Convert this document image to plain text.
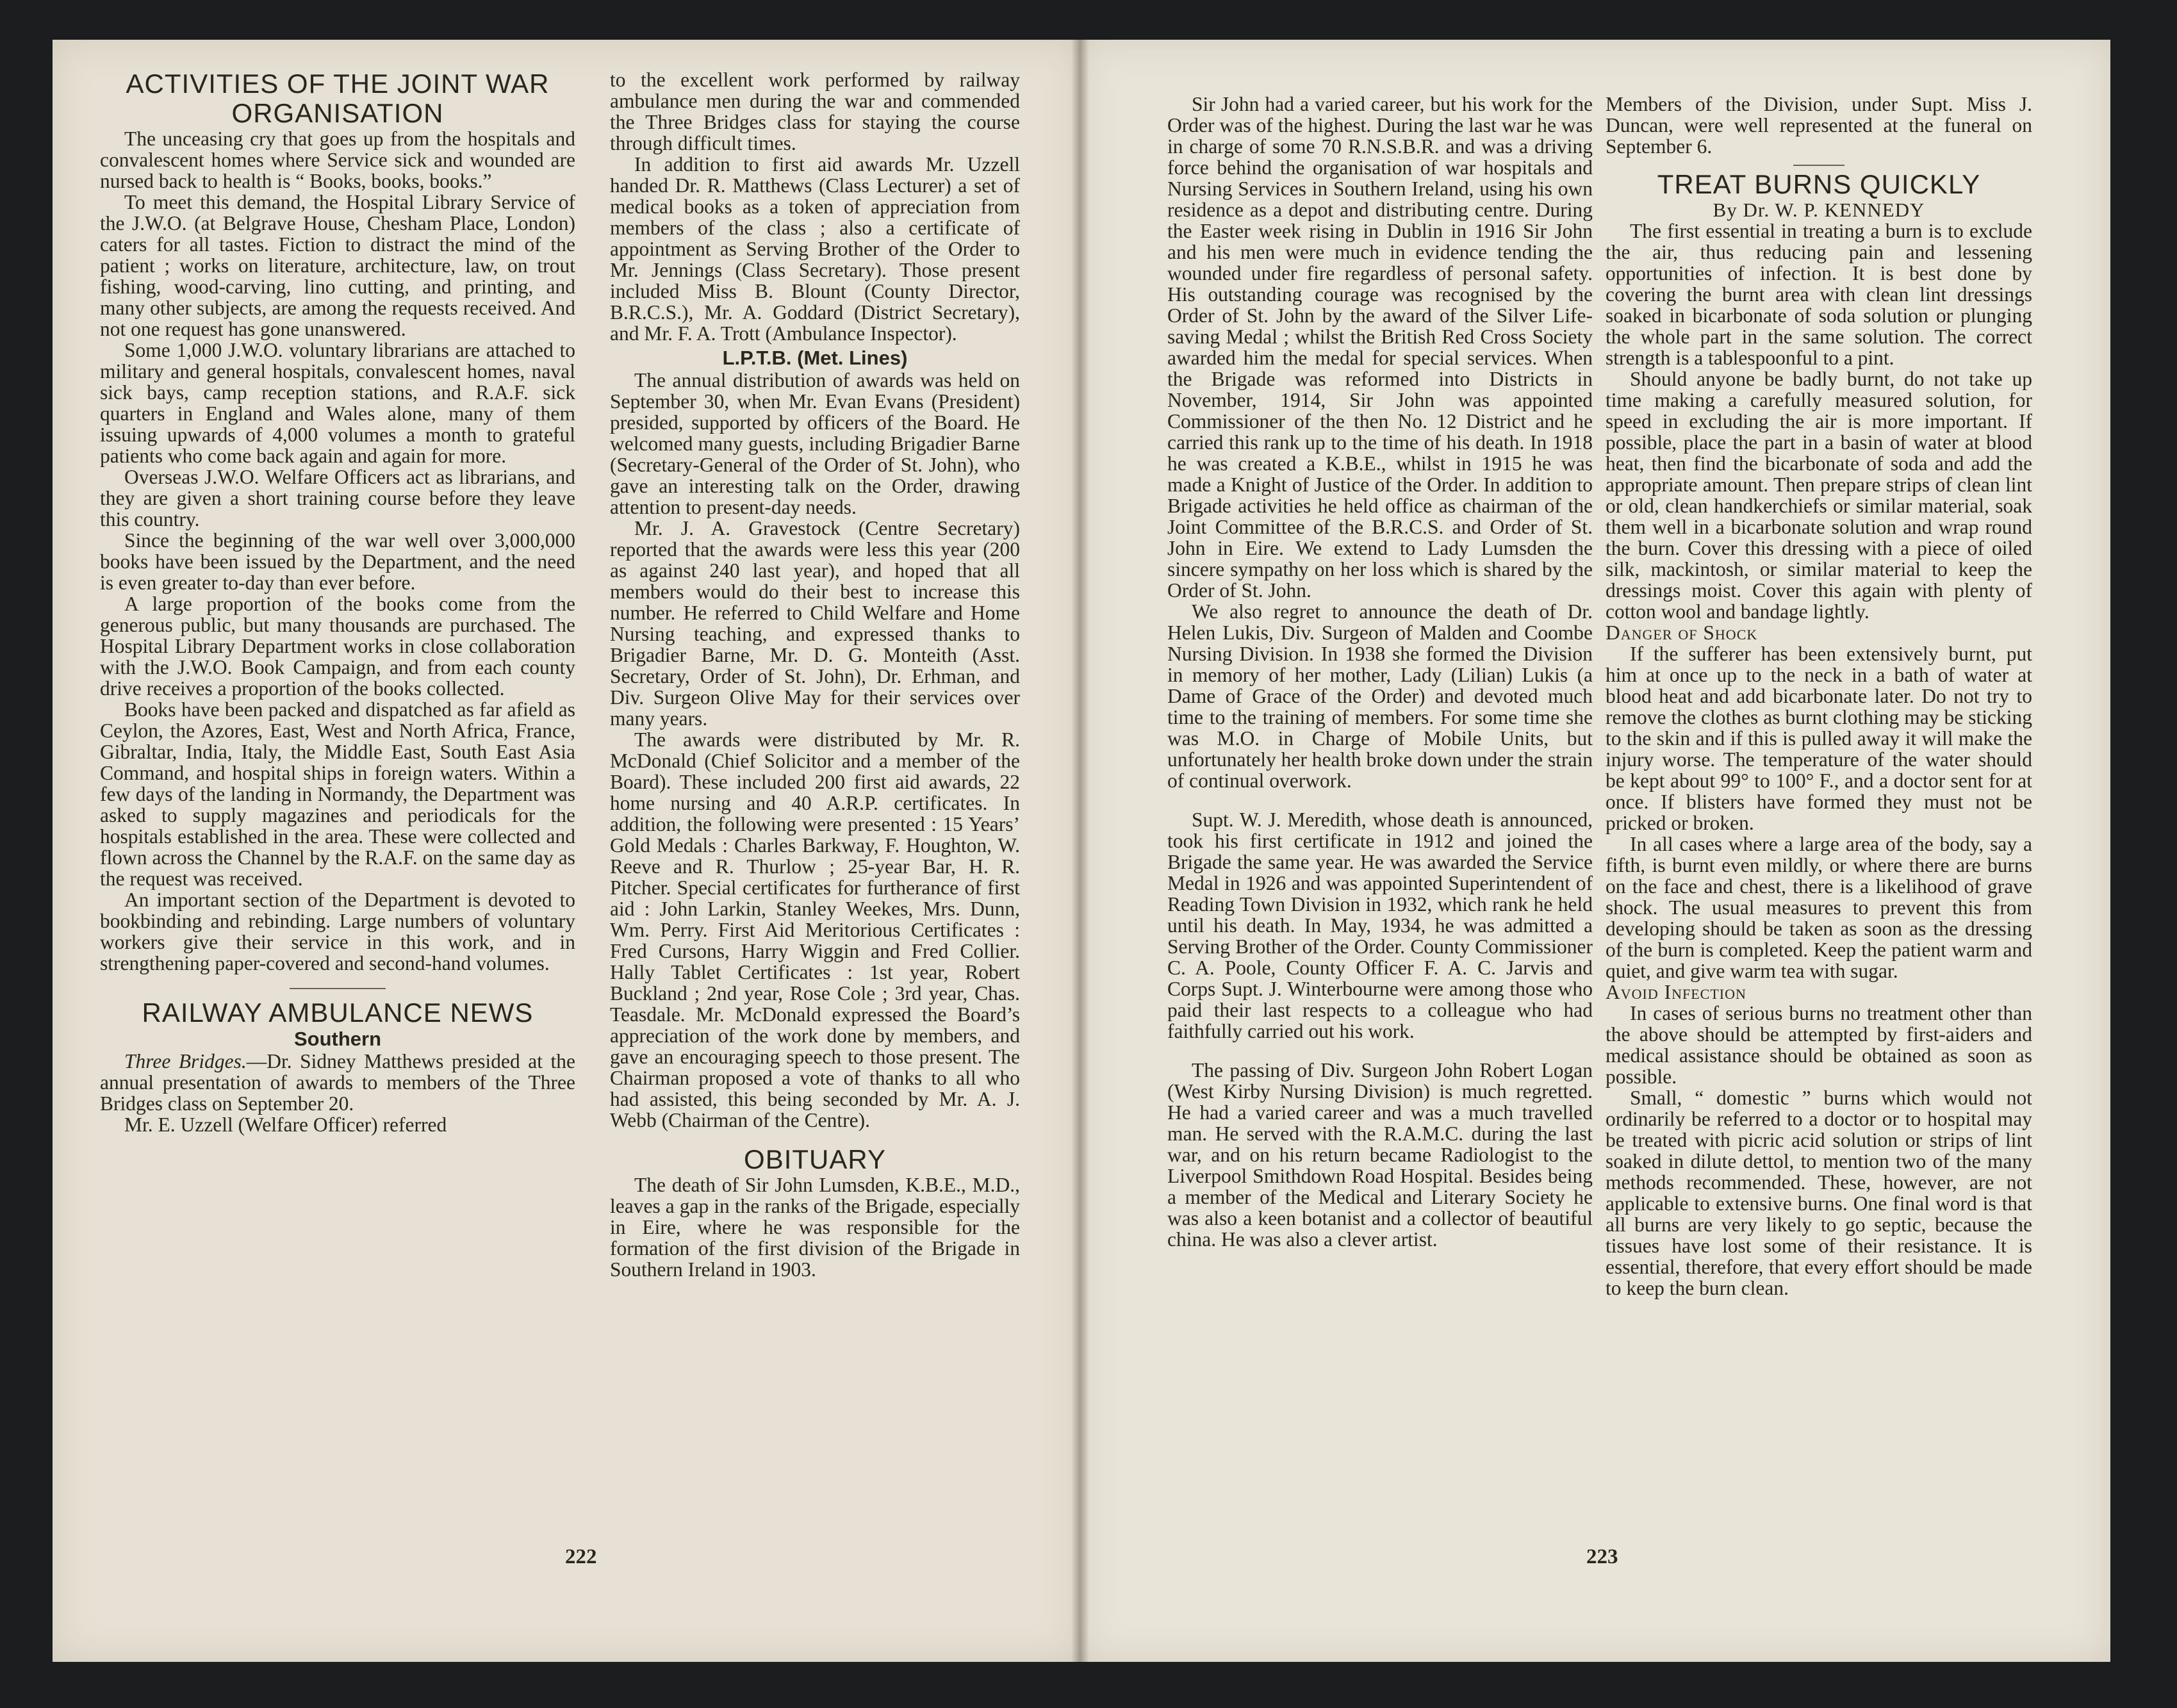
ACTIVITIES OF THE JOINT WAR ORGANISATION

The unceasing cry that goes up from the hospitals and convalescent homes where Service sick and wounded are nursed back to health is “ Books, books, books.”

To meet this demand, the Hospital Library Service of the J.W.O. (at Belgrave House, Chesham Place, London) caters for all tastes. Fiction to distract the mind of the patient ; works on literature, architecture, law, on trout fishing, wood-carving, lino cutting, and printing, and many other subjects, are among the requests received. And not one request has gone unanswered.

Some 1,000 J.W.O. voluntary librarians are attached to military and general hospitals, convalescent homes, naval sick bays, camp reception stations, and R.A.F. sick quarters in England and Wales alone, many of them issuing upwards of 4,000 volumes a month to grateful patients who come back again and again for more.

Overseas J.W.O. Welfare Officers act as librarians, and they are given a short training course before they leave this country.

Since the beginning of the war well over 3,000,000 books have been issued by the Department, and the need is even greater to-day than ever before.

A large proportion of the books come from the generous public, but many thousands are purchased. The Hospital Library Department works in close collaboration with the J.W.O. Book Campaign, and from each county drive receives a proportion of the books collected.

Books have been packed and dispatched as far afield as Ceylon, the Azores, East, West and North Africa, France, Gibraltar, India, Italy, the Middle East, South East Asia Command, and hospital ships in foreign waters. Within a few days of the landing in Normandy, the Department was asked to supply magazines and periodicals for the hospitals established in the area. These were collected and flown across the Channel by the R.A.F. on the same day as the request was received.

An important section of the Department is devoted to bookbinding and rebinding. Large numbers of voluntary workers give their service in this work, and in strengthening paper-covered and second-hand volumes.

RAILWAY AMBULANCE NEWS
Southern

Three Bridges.—Dr. Sidney Matthews presided at the annual presentation of awards to members of the Three Bridges class on September 20.

Mr. E. Uzzell (Welfare Officer) referred

to the excellent work performed by railway ambulance men during the war and commended the Three Bridges class for staying the course through difficult times.

In addition to first aid awards Mr. Uzzell handed Dr. R. Matthews (Class Lecturer) a set of medical books as a token of appreciation from members of the class ; also a certificate of appointment as Serving Brother of the Order to Mr. Jennings (Class Secretary). Those present included Miss B. Blount (County Director, B.R.C.S.), Mr. A. Goddard (District Secretary), and Mr. F. A. Trott (Ambulance Inspector).

L.P.T.B. (Met. Lines)

The annual distribution of awards was held on September 30, when Mr. Evan Evans (President) presided, supported by officers of the Board. He welcomed many guests, including Brigadier Barne (Secretary-General of the Order of St. John), who gave an interesting talk on the Order, drawing attention to present-day needs.

Mr. J. A. Gravestock (Centre Secretary) reported that the awards were less this year (200 as against 240 last year), and hoped that all members would do their best to increase this number. He referred to Child Welfare and Home Nursing teaching, and expressed thanks to Brigadier Barne, Mr. D. G. Monteith (Asst. Secretary, Order of St. John), Dr. Erhman, and Div. Surgeon Olive May for their services over many years.

The awards were distributed by Mr. R. McDonald (Chief Solicitor and a member of the Board). These included 200 first aid awards, 22 home nursing and 40 A.R.P. certificates. In addition, the following were presented : 15 Years’ Gold Medals : Charles Barkway, F. Houghton, W. Reeve and R. Thurlow ; 25-year Bar, H. R. Pitcher. Special certificates for furtherance of first aid : John Larkin, Stanley Weekes, Mrs. Dunn, Wm. Perry. First Aid Meritorious Certificates : Fred Cursons, Harry Wiggin and Fred Collier. Hally Tablet Certificates : 1st year, Robert Buckland ; 2nd year, Rose Cole ; 3rd year, Chas. Teasdale. Mr. McDonald expressed the Board’s appreciation of the work done by members, and gave an encouraging speech to those present. The Chairman proposed a vote of thanks to all who had assisted, this being seconded by Mr. A. J. Webb (Chairman of the Centre).

OBITUARY

The death of Sir John Lumsden, K.B.E., M.D., leaves a gap in the ranks of the Brigade, especially in Eire, where he was responsible for the formation of the first division of the Brigade in Southern Ireland in 1903.

222

Sir John had a varied career, but his work for the Order was of the highest. During the last war he was in charge of some 70 R.N.S.B.R. and was a driving force behind the organisation of war hospitals and Nursing Services in Southern Ireland, using his own residence as a depot and distributing centre. During the Easter week rising in Dublin in 1916 Sir John and his men were much in evidence tending the wounded under fire regardless of personal safety. His outstanding courage was recognised by the Order of St. John by the award of the Silver Life-saving Medal ; whilst the British Red Cross Society awarded him the medal for special services. When the Brigade was reformed into Districts in November, 1914, Sir John was appointed Commissioner of the then No. 12 District and he carried this rank up to the time of his death. In 1918 he was created a K.B.E., whilst in 1915 he was made a Knight of Justice of the Order. In addition to Brigade activities he held office as chairman of the Joint Committee of the B.R.C.S. and Order of St. John in Eire. We extend to Lady Lumsden the sincere sympathy on her loss which is shared by the Order of St. John.

We also regret to announce the death of Dr. Helen Lukis, Div. Surgeon of Malden and Coombe Nursing Division. In 1938 she formed the Division in memory of her mother, Lady (Lilian) Lukis (a Dame of Grace of the Order) and devoted much time to the training of members. For some time she was M.O. in Charge of Mobile Units, but unfortunately her health broke down under the strain of continual overwork.

Supt. W. J. Meredith, whose death is announced, took his first certificate in 1912 and joined the Brigade the same year. He was awarded the Service Medal in 1926 and was appointed Superintendent of Reading Town Division in 1932, which rank he held until his death. In May, 1934, he was admitted a Serving Brother of the Order. County Commissioner C. A. Poole, County Officer F. A. C. Jarvis and Corps Supt. J. Winterbourne were among those who paid their last respects to a colleague who had faithfully carried out his work.

The passing of Div. Surgeon John Robert Logan (West Kirby Nursing Division) is much regretted. He had a varied career and was a much travelled man. He served with the R.A.M.C. during the last war, and on his return became Radiologist to the Liverpool Smithdown Road Hospital. Besides being a member of the Medical and Literary Society he was also a keen botanist and a collector of beautiful china. He was also a clever artist.

Members of the Division, under Supt. Miss J. Duncan, were well represented at the funeral on September 6.

TREAT BURNS QUICKLY
By Dr. W. P. KENNEDY

The first essential in treating a burn is to exclude the air, thus reducing pain and lessening opportunities of infection. It is best done by covering the burnt area with clean lint dressings soaked in bicarbonate of soda solution or plunging the whole part in the same solution. The correct strength is a tablespoonful to a pint.

Should anyone be badly burnt, do not take up time making a carefully measured solution, for speed in excluding the air is more important. If possible, place the part in a basin of water at blood heat, then find the bicarbonate of soda and add the appropriate amount. Then prepare strips of clean lint or old, clean handkerchiefs or similar material, soak them well in a bicarbonate solution and wrap round the burn. Cover this dressing with a piece of oiled silk, mackintosh, or similar material to keep the dressings moist. Cover this again with plenty of cotton wool and bandage lightly.

Danger of Shock

If the sufferer has been extensively burnt, put him at once up to the neck in a bath of water at blood heat and add bicarbonate later. Do not try to remove the clothes as burnt clothing may be sticking to the skin and if this is pulled away it will make the injury worse. The temperature of the water should be kept about 99° to 100° F., and a doctor sent for at once. If blisters have formed they must not be pricked or broken.

In all cases where a large area of the body, say a fifth, is burnt even mildly, or where there are burns on the face and chest, there is a likelihood of grave shock. The usual measures to prevent this from developing should be taken as soon as the dressing of the burn is completed. Keep the patient warm and quiet, and give warm tea with sugar.

Avoid Infection

In cases of serious burns no treatment other than the above should be attempted by first-aiders and medical assistance should be obtained as soon as possible.

Small, “ domestic ” burns which would not ordinarily be referred to a doctor or to hospital may be treated with picric acid solution or strips of lint soaked in dilute dettol, to mention two of the many methods recommended. These, however, are not applicable to extensive burns. One final word is that all burns are very likely to go septic, because the tissues have lost some of their resistance. It is essential, therefore, that every effort should be made to keep the burn clean.

223
